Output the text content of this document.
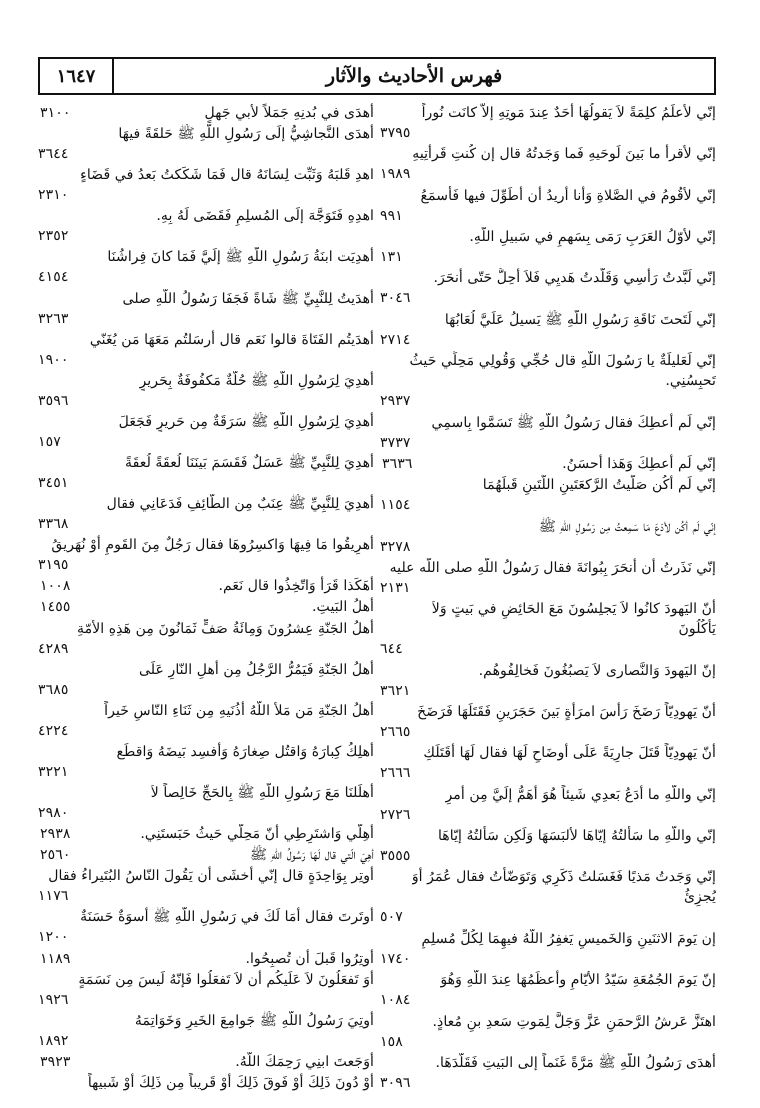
١٦٤٧	فهرس الأحاديث والآثار
إنّي لأعلَمُ كلِمَةً لاَ يَقولُهَا أحَدٌ عِندَ مَوتِهِ إلاّ كانَت نُوراً
٣٧٩٥
إنّي لأقرأُ ما بَينَ لَوحَيهِ فَما وَجَدتُهُ قال إن كُنتِ قَرأتِيهِ
١٩٨٩
إنّي لأقُومُ في الصَّلاةِ وَأنا أُريدُ أن أُطَوِّلَ فيها فَأسمَعُ
٩٩١
إنّي لأوّلُ العَرَبِ رَمَى بِسَهمٍ في سَبيلِ اللّهِ.
١٣١
إنّي لَبَّدتُ رَأسِي وَقَلَّدتُ هَديِي فَلاَ أُحِلُّ حَتّى أنحَرَ.
٣٠٤٦
إنّي لَتَحتَ نَاقَةِ رَسُولِ اللّهِ ﷺ يَسيلُ عَلَيَّ لُعَابُهَا
٢٧١٤
إنّي لَعَليلَةٌ يا رَسُولَ اللّهِ قال حُجِّي وَقُولِي مَحِلِّي حَيثُ
تَحبِسُنِي.
٢٩٣٧
إنّي لَم أُعطِكَ فقال رَسُولُ اللّهِ ﷺ تَسَمَّوا بِاسمِي
٣٧٣٧
إنّي لَم أُعطِكَ وَهَذا أحسَنُ.
٣٦٣٦
إنّي لَم أكُن صَلّيتُ الرَّكعَتَينِ اللّتَينِ قَبلَهُمَا
١١٥٤
إنّي لَم أكُن لأدَعَ مَا سَمِعتُ مِن رَسُولِ اللّهِ ﷺ
٣٢٧٨
إنّي نَذَرتُ أن أنحَرَ بِبُوانَةَ فقال رَسُولُ اللّهِ صلى اللّه عليه
٢١٣١
أنّ اليَهودَ كانُوا لاَ يَجلِسُونَ مَعَ الحَائِضِ في بَيتٍ وَلاَ
يَأكُلُونَ
٦٤٤
إنّ اليَهودَ وَالنَّصارى لاَ يَصبُغُونَ فَخالِفُوهُم.
٣٦٢١
أنّ يَهودِيّاً رَضَخَ رَأسَ امرَأةٍ بَينَ حَجَرَينِ فَقَتَلَهَا فَرَضَخَ
٢٦٦٥
أنّ يَهودِيّاً قَتَلَ جارِيَةً عَلَى أوضَاحٍ لَهَا فقال لَهَا أقَتَلَكِ
٢٦٦٦
إنّي واللّهِ ما أدَعُ بَعدِي شَيئاً هُوَ أهَمُّ إلَيَّ مِن أمرِ
٢٧٢٦
إنّي واللّهِ ما سَألتُهُ إيّاهَا لألبَسَهَا وَلَكِن سَألتُهُ إيّاهَا
٣٥٥٥
إنّي وَجَدتُ مَذيًا فَغَسَلتُ ذَكَرِي وَتَوَضّأتُ فقال عُمَرُ أوَ
يُجزِئُ
٥٠٧
إن يَومَ الاثنَينِ وَالخَميسِ يَغفِرُ اللّهُ فيهِمَا لِكُلِّ مُسلِمٍ
١٧٤٠
إنّ يَومَ الجُمُعَةِ سَيّدُ الأيّامِ وأعظَمُهَا عِندَ اللّهِ وَهُوَ
١٠٨٤
اهتَزَّ عَرشُ الرَّحمَنِ عَزَّ وَجَلَّ لِمَوتِ سَعدِ بنِ مُعاذٍ.
١٥٨
أهدَى رَسُولُ اللّهِ ﷺ مَرَّةً غَنَماً إلى البَيتِ فَقَلَّدَهَا.
٣٠٩٦
أهدَى في بُدنِهِ جَمَلاً لأبي جَهلٍ
٣١٠٠
أهدَى النَّجاشِيُّ إلَى رَسُولِ اللّهِ ﷺ حَلقَةً فيهَا
٣٦٤٤
اهدِ قَلبَهُ وَثَبِّت لِسَانَهُ قال فَمَا شَكَكتُ بَعدُ في قَضَاءٍ
٢٣١٠
اهدِهِ فَتَوَجَّهَ إلَى المُسلِمِ فَقَضَى لَهُ بِهِ.
٢٣٥٢
أُهدِيَت ابنَةُ رَسُولِ اللّهِ ﷺ إلَيَّ فَمَا كانَ فِراشُنَا
٤١٥٤
أهدَيتُ لِلنَّبِيِّ ﷺ شَاةً فَجَفَا رَسُولُ اللّهِ صلى
٣٢٦٣
أهدَيتُم الفَتَاةَ قالوا نَعَم قال أرسَلتُم مَعَهَا مَن يُغَنّي
١٩٠٠
أُهدِيَ لِرَسُولِ اللّهِ ﷺ حُلّةٌ مَكفُوفَةٌ بِحَريرٍ
٣٥٩٦
أُهدِيَ لِرَسُولِ اللّهِ ﷺ سَرَقَةٌ مِن حَريرٍ فَجَعَلَ
١٥٧
أُهدِيَ لِلنَّبِيِّ ﷺ عَسَلٌ فَقَسَمَ بَينَنَا لُعقَةً لُعقَةً
٣٤٥١
أُهدِيَ لِلنَّبِيِّ ﷺ عِنَبٌ مِن الطّائِفِ فَدَعَانِي فقال
٣٣٦٨
أهرِيقُوا مَا فِيهَا وَاكسِرُوهَا فقال رَجُلٌ مِنَ القَومِ أوْ نُهَريقُ
٣١٩٥
أهَكَذا قَرَأ وَاتّخِذُوا قال نَعَم.
١٠٠٨
أهلُ البَيتِ.
١٤٥٥
أهلُ الجَنّةِ عِشرُونَ وَمِائَةُ صَفٍّ ثَمَانُونَ مِن هَذِهِ الأُمّةِ
٤٢٨٩
أهلُ الجَنّةِ فَيَمُرُّ الرَّجُلُ مِن أهلِ النّارِ عَلَى
٣٦٨٥
أهلُ الجَنّةِ مَن مَلأ اللّهُ أذُنَيهِ مِن ثَنَاءِ النّاسِ خَيراً
٤٢٢٤
أهلِكُ كِبارَهُ وَاقتُل صِغارَهُ وَأفسِد بَيضَهُ وَاقطَع
٣٢٢١
أهلَلنَا مَعَ رَسُولِ اللّهِ ﷺ بِالحَجِّ خَالِصاً لاَ
٢٩٨٠
أهِلّي وَاشتَرِطِي أنّ مَحِلّي حَيثُ حَبَستَنِي.
٢٩٣٨
أهِيَ الّتي قال لَهَا رَسُولُ اللّهِ ﷺ
٢٥٦٠
أوتِر بِوَاحِدَةٍ قال إنّي أخشَى أن يَقُولَ النّاسُ البُتَيراءُ فقال
١١٧٦
أوتَرتَ فقال أمَا لَكَ في رَسُولِ اللّهِ ﷺ أُسوَةٌ حَسَنَةٌ
١٢٠٠
أوتِرُوا قَبلَ أن تُصبِحُوا.
١١٨٩
أوَ تَفعَلُونَ لاَ عَلَيكُم أن لاَ تَفعَلُوا فَإنّهُ لَيسَ مِن نَسَمَةٍ
١٩٢٦
أوتِيَ رَسُولُ اللّهِ ﷺ جَوامِعَ الخَيرِ وَخَوَاتِمَهُ
١٨٩٢
أوَجَعتَ ابنِي رَحِمَكَ اللّهُ.
٣٩٢٣
أوْ دُونَ ذَلِكَ أوْ فَوقَ ذَلِكَ أوْ قَريباً مِن ذَلِكَ أوْ شَبيهاً
